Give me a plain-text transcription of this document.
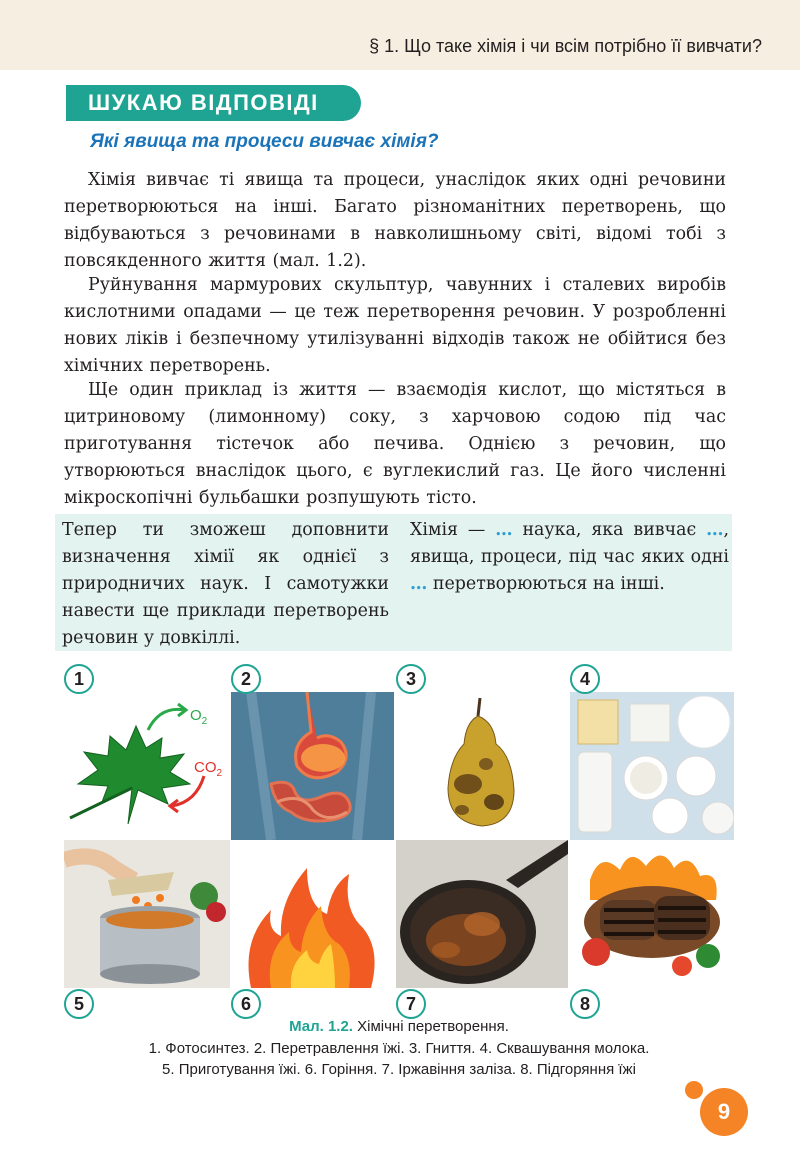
§ 1. Що таке хімія і чи всім потрібно її вивчати?
ШУКАЮ ВІДПОВІДІ
Які явища та процеси вивчає хімія?

Хімія вивчає ті явища та процеси, унаслідок яких одні речовини перетворюються на інші. Багато різноманітних перетворень, що відбуваються з речовинами в навколишньому світі, відомі тобі з повсякденного життя (мал. 1.2).

Руйнування мармурових скульптур, чавунних і сталевих виробів кислотними опадами — це теж перетворення речовин. У розробленні нових ліків і безпечному утилізуванні відходів також не обійтися без хімічних перетворень.

Ще один приклад із життя — взаємодія кислот, що містяться в цитриновому (лимонному) соку, з харчовою содою під час приготування тістечок або печива. Однією з речовин, що утворюються внаслідок цього, є вуглекислий газ. Це його численні мікроскопічні бульбашки розпушують тісто.

Тепер ти зможеш доповнити визначення хімії як однієї з природничих наук. І самотужки навести ще приклади перетворень речовин у довкіллі.

Хімія — … наука, яка вивчає …, явища, процеси, під час яких одні … перетворюються на інші.

$O_2$
$CO_2$
1	2	3	4
5	6	7	8

Мал. 1.2. Хімічні перетворення.

1. Фотосинтез. 2. Перетравлення їжі. 3. Гниття. 4. Сквашування молока.

5. Приготування їжі. 6. Горіння. 7. Іржавіння заліза. 8. Підгоряння їжі

9
